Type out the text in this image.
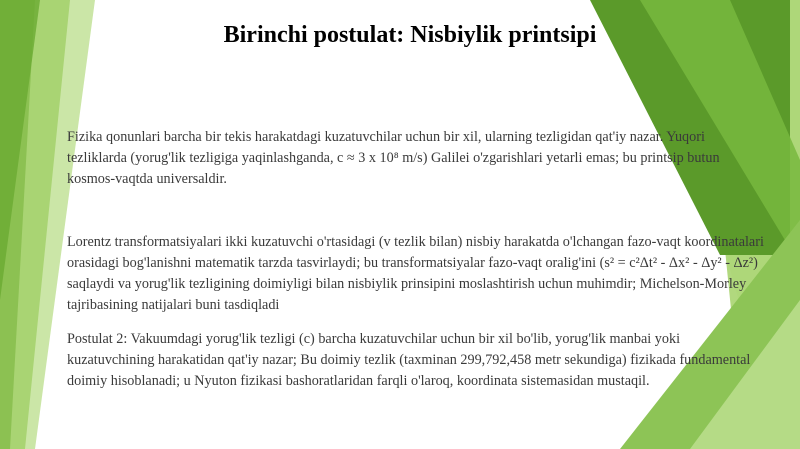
Birinchi postulat: Nisbiylik printsipi

Fizika qonunlari barcha bir tekis harakatdagi kuzatuvchilar uchun bir xil, ularning tezligidan qat'iy nazar. Yuqori tezliklarda (yorug'lik tezligiga yaqinlashganda, c ≈ 3 x 10⁸ m/s) Galilei o'zgarishlari yetarli emas; bu printsip butun kosmos-vaqtda universaldir.

Lorentz transformatsiyalari ikki kuzatuvchi o'rtasidagi (v tezlik bilan) nisbiy harakatda o'lchangan fazo-vaqt koordinatalari orasidagi bog'lanishni matematik tarzda tasvirlaydi; bu transformatsiyalar fazo-vaqt oralig'ini (s² = c²Δt² - Δx² - Δy² - Δz²) saqlaydi va yorug'lik tezligining doimiyligi bilan nisbiylik prinsipini moslashtirish uchun muhimdir; Michelson-Morley tajribasining natijalari buni tasdiqladi

Postulat 2: Vakuumdagi yorug'lik tezligi (c) barcha kuzatuvchilar uchun bir xil bo'lib, yorug'lik manbai yoki kuzatuvchining harakatidan qat'iy nazar; Bu doimiy tezlik (taxminan 299,792,458 metr sekundiga) fizikada fundamental doimiy hisoblanadi; u Nyuton fizikasi bashoratlaridan farqli o'laroq, koordinata sistemasidan mustaqil.
